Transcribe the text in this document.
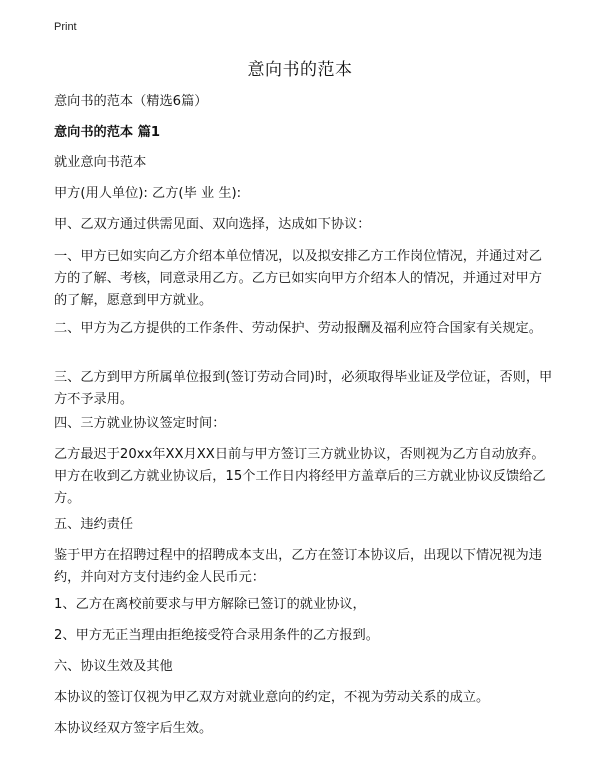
Print
意向书的范本

意向书的范本（精选6篇）

意向书的范本 篇1

就业意向书范本

甲方(用人单位): 乙方(毕 业 生):

甲、乙双方通过供需见面、双向选择，达成如下协议：

一、甲方已如实向乙方介绍本单位情况，以及拟安排乙方工作岗位情况，并通过对乙方的了解、考核，同意录用乙方。乙方已如实向甲方介绍本人的情况，并通过对甲方的了解，愿意到甲方就业。

二、甲方为乙方提供的工作条件、劳动保护、劳动报酬及福利应符合国家有关规定。

三、乙方到甲方所属单位报到(签订劳动合同)时，必须取得毕业证及学位证，否则，甲方不予录用。

四、三方就业协议签定时间：

乙方最迟于20xx年XX月XX日前与甲方签订三方就业协议，否则视为乙方自动放弃。甲方在收到乙方就业协议后，15个工作日内将经甲方盖章后的三方就业协议反馈给乙方。

五、违约责任

鉴于甲方在招聘过程中的招聘成本支出，乙方在签订本协议后，出现以下情况视为违约，并向对方支付违约金人民币元：

1、乙方在离校前要求与甲方解除已签订的就业协议，

2、甲方无正当理由拒绝接受符合录用条件的乙方报到。

六、协议生效及其他

本协议的签订仅视为甲乙双方对就业意向的约定，不视为劳动关系的成立。

本协议经双方签字后生效。
